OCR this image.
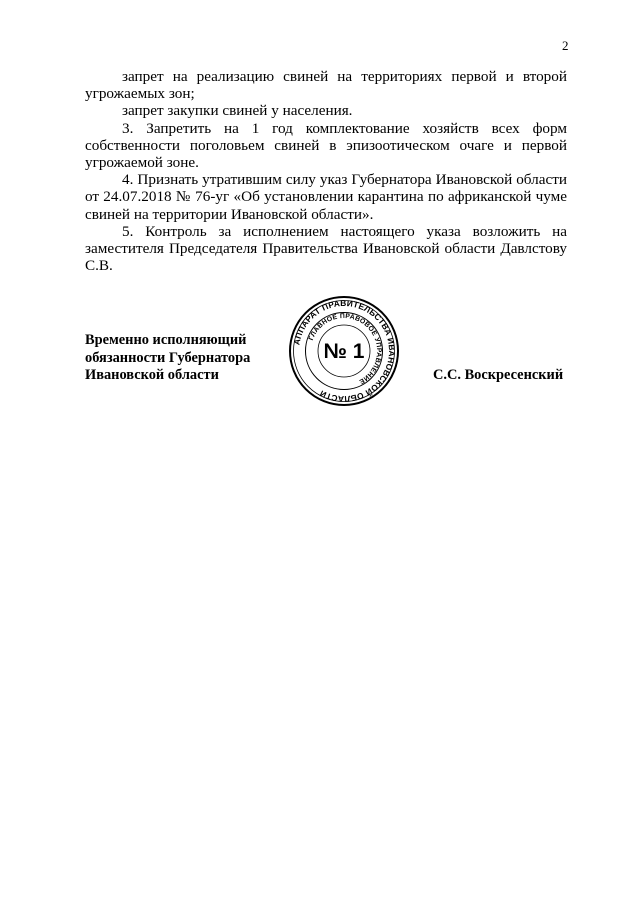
2

запрет на реализацию свиней на территориях первой и второй угрожаемых зон;

запрет закупки свиней у населения.

3. Запретить на 1 год комплектование хозяйств всех форм собственности поголовьем свиней в эпизоотическом очаге и первой угрожаемой зоне.

4. Признать утратившим силу указ Губернатора Ивановской области от 24.07.2018 № 76-уг «Об установлении карантина по африканской чуме свиней на территории Ивановской области».

5. Контроль за исполнением настоящего указа возложить на заместителя Председателя Правительства Ивановской области Давлстову С.В.

Временно исполняющий
обязанности Губернатора
Ивановской области
АППАРАТ ПРАВИТЕЛЬСТВА ИВАНОВСКОЙ ОБЛАСТИ
ГЛАВНОЕ ПРАВОВОЕ УПРАВЛЕНИЕ
№ 1
С.С. Воскресенский
